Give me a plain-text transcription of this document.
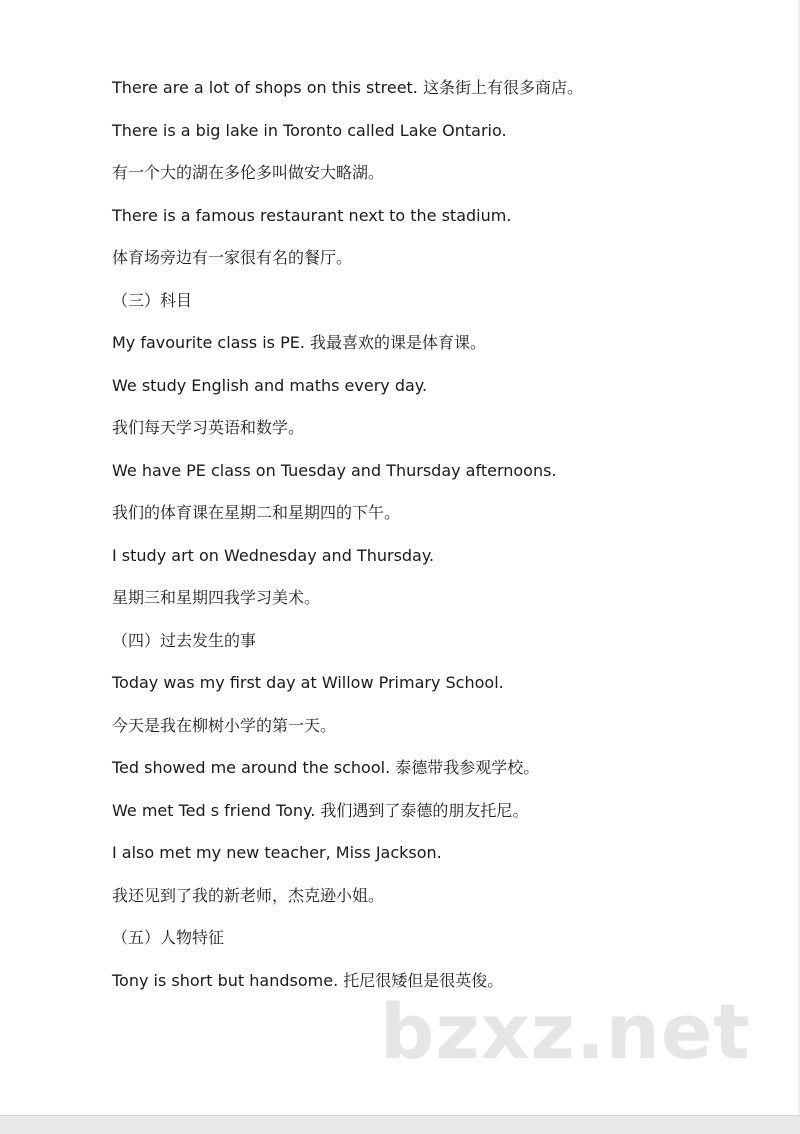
There are a lot of shops on this street. 这条街上有很多商店。
There is a big lake in Toronto called Lake Ontario.
有一个大的湖在多伦多叫做安大略湖。
There is a famous restaurant next to the stadium.
体育场旁边有一家很有名的餐厅。
（三）科目
My favourite class is PE. 我最喜欢的课是体育课。
We study English and maths every day.
我们每天学习英语和数学。
We have PE class on Tuesday and Thursday afternoons.
我们的体育课在星期二和星期四的下午。
I study art on Wednesday and Thursday.
星期三和星期四我学习美术。
（四）过去发生的事
Today was my first day at Willow Primary School.
今天是我在柳树小学的第一天。
Ted showed me around the school. 泰德带我参观学校。
We met Ted s friend Tony. 我们遇到了泰德的朋友托尼。
I also met my new teacher, Miss Jackson.
我还见到了我的新老师，杰克逊小姐。
（五）人物特征
Tony is short but handsome. 托尼很矮但是很英俊。
bzxz.net
